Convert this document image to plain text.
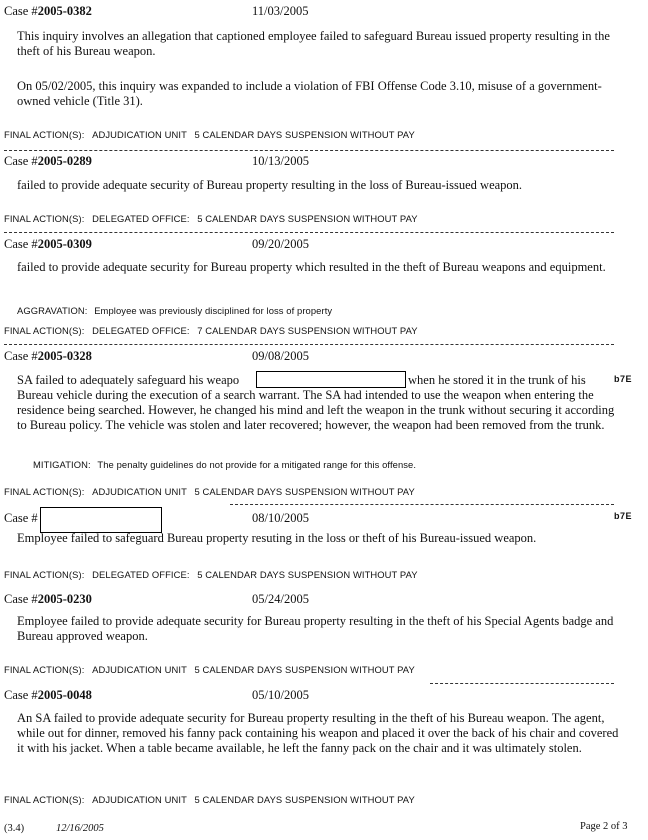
Case #2005-0382	11/03/2005
This inquiry involves an allegation that captioned employee failed to safeguard Bureau issued property resulting in the theft of his Bureau weapon.
On 05/02/2005, this inquiry was expanded to include a violation of FBI Offense Code 3.10, misuse of a government-owned vehicle (Title 31).
FINAL ACTION(S): ADJUDICATION UNIT 5 CALENDAR DAYS SUSPENSION WITHOUT PAY
Case #2005-0289	10/13/2005
failed to provide adequate security of Bureau property resulting in the loss of Bureau-issued weapon.
FINAL ACTION(S): DELEGATED OFFICE: 5 CALENDAR DAYS SUSPENSION WITHOUT PAY
Case #2005-0309	09/20/2005
failed to provide adequate security for Bureau property which resulted in the theft of Bureau weapons and equipment.
AGGRAVATION: Employee was previously disciplined for loss of property
FINAL ACTION(S): DELEGATED OFFICE: 7 CALENDAR DAYS SUSPENSION WITHOUT PAY
Case #2005-0328	09/08/2005
SA failed to adequately safeguard his weapo	when he stored it in the trunk of his	b7E
Bureau vehicle during the execution of a search warrant. The SA had intended to use the weapon when entering the residence being searched. However, he changed his mind and left the weapon in the trunk without securing it according to Bureau policy. The vehicle was stolen and later recovered; however, the weapon had been removed from the trunk.
MITIGATION: The penalty guidelines do not provide for a mitigated range for this offense.
FINAL ACTION(S): ADJUDICATION UNIT 5 CALENDAR DAYS SUSPENSION WITHOUT PAY
Case #	08/10/2005	b7E
Employee failed to safeguard Bureau property resuting in the loss or theft of his Bureau-issued weapon.
FINAL ACTION(S): DELEGATED OFFICE: 5 CALENDAR DAYS SUSPENSION WITHOUT PAY
Case #2005-0230	05/24/2005
Employee failed to provide adequate security for Bureau property resulting in the theft of his Special Agents badge and Bureau approved weapon.
FINAL ACTION(S): ADJUDICATION UNIT 5 CALENDAR DAYS SUSPENSION WITHOUT PAY
Case #2005-0048	05/10/2005
An SA failed to provide adequate security for Bureau property resulting in the theft of his Bureau weapon. The agent, while out for dinner, removed his fanny pack containing his weapon and placed it over the back of his chair and covered it with his jacket. When a table became available, he left the fanny pack on the chair and it was ultimately stolen.
FINAL ACTION(S): ADJUDICATION UNIT 5 CALENDAR DAYS SUSPENSION WITHOUT PAY
(3.4)	12/16/2005	Page 2 of 3
